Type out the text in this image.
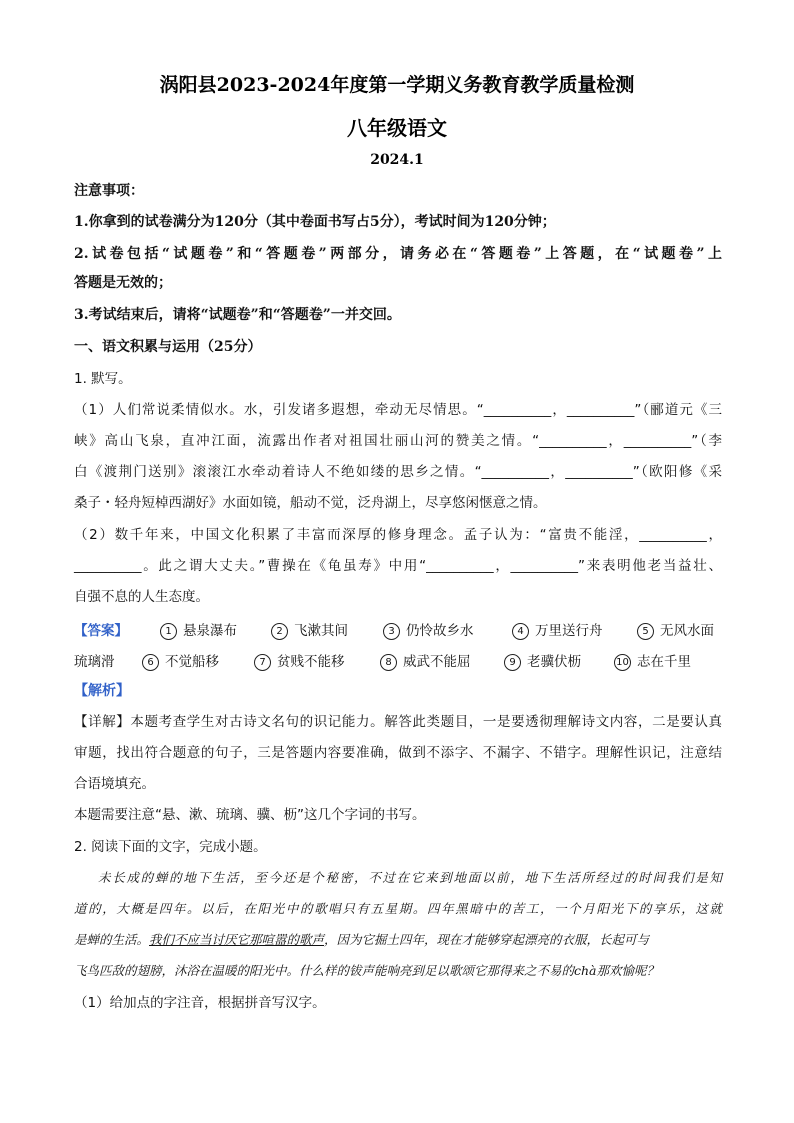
涡阳县2023-2024年度第一学期义务教育教学质量检测
八年级语文
2024.1
注意事项：
1.你拿到的试卷满分为120分（其中卷面书写占5分），考试时间为120分钟；
2.试卷包括“试题卷”和“答题卷”两部分，请务必在“答题卷”上答题，在“试题卷”上
答题是无效的；
3.考试结束后，请将“试题卷”和“答题卷”一并交回。
一、语文积累与运用（25分）
1. 默写。
（1）人们常说柔情似水。水，引发诸多遐想，牵动无尽情思。“__________，__________”（郦道元《三
峡》高山飞泉，直冲江面，流露出作者对祖国壮丽山河的赞美之情。“__________，__________”（李
白《渡荆门送别》滚滚江水牵动着诗人不绝如缕的思乡之情。“__________，__________”（欧阳修《采
桑子・轻舟短棹西湖好》水面如镜，船动不觉，泛舟湖上，尽享悠闲惬意之情。
（2）数千年来，中国文化积累了丰富而深厚的修身理念。孟子认为：“富贵不能淫，__________，
__________。此之谓大丈夫。”曹操在《龟虽寿》中用“__________，__________”来表明他老当益壮、
自强不息的人生态度。
【答案】	1 悬泉瀑布	2 飞漱其间	3 仍怜故乡水	4 万里送行舟	5 无风水面
琉璃滑	6 不觉船移	7 贫贱不能移	8 威武不能屈	9 老骥伏枥	10 志在千里
【解析】
【详解】本题考查学生对古诗文名句的识记能力。解答此类题目，一是要透彻理解诗文内容，二是要认真
审题，找出符合题意的句子，三是答题内容要准确，做到不添字、不漏字、不错字。理解性识记，注意结
合语境填充。
本题需要注意“悬、漱、琉璃、骥、枥”这几个字词的书写。
2. 阅读下面的文字，完成小题。
未长成的蝉的地下生活，至今还是个秘密，不过在它来到地面以前，地下生活所经过的时间我们是知
道的，大概是四年。以后，在阳光中的歌唱只有五星期。四年黑暗中的苦工，一个月阳光下的享乐，这就
是蝉的生活。我们不应当讨厌它那喧嚣的歌声，因为它掘土四年，现在才能够穿起漂亮的衣服，长起可与
飞鸟匹敌的翅膀，沐浴在温暖的阳光中。什么样的钹声能响亮到足以歌颂它那得来之不易的chà那欢愉呢？
（1）给加点的字注音，根据拼音写汉字。
